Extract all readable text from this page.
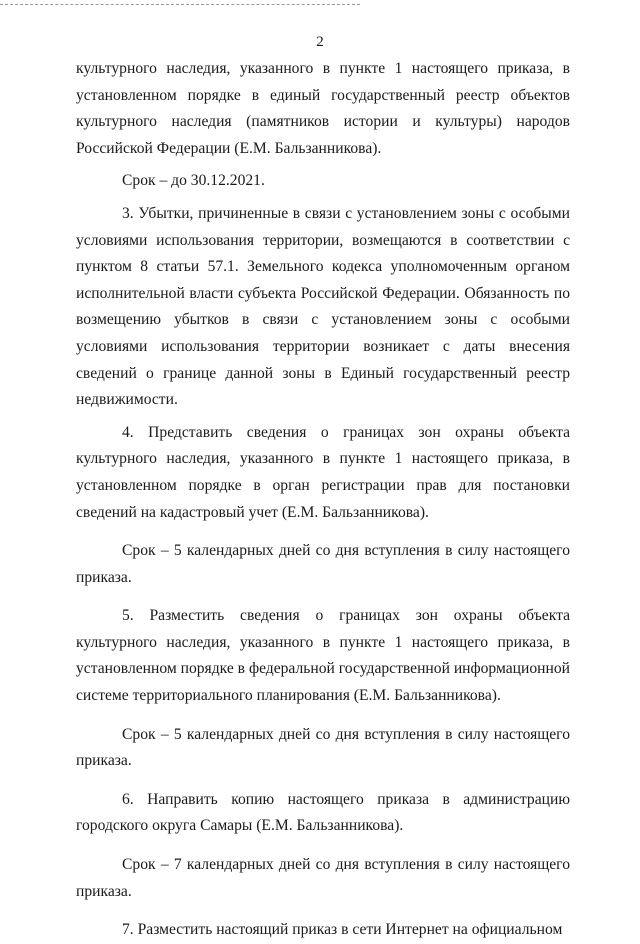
2

культурного наследия, указанного в пункте 1 настоящего приказа, в установленном порядке в единый государственный реестр объектов культурного наследия (памятников истории и культуры) народов Российской Федерации (Е.М. Бальзанникова).

Срок – до 30.12.2021.

3. Убытки, причиненные в связи с установлением зоны с особыми условиями использования территории, возмещаются в соответствии с пунктом 8 статьи 57.1. Земельного кодекса уполномоченным органом исполнительной власти субъекта Российской Федерации. Обязанность по возмещению убытков в связи с установлением зоны с особыми условиями использования территории возникает с даты внесения сведений о границе данной зоны в Единый государственный реестр недвижимости.

4. Представить сведения о границах зон охраны объекта культурного наследия, указанного в пункте 1 настоящего приказа, в установленном порядке в орган регистрации прав для постановки сведений на кадастровый учет (Е.М. Бальзанникова).

Срок – 5 календарных дней со дня вступления в силу настоящего приказа.

5. Разместить сведения о границах зон охраны объекта культурного наследия, указанного в пункте 1 настоящего приказа, в установленном порядке в федеральной государственной информационной системе территориального планирования (Е.М. Бальзанникова).

Срок – 5 календарных дней со дня вступления в силу настоящего приказа.

6. Направить копию настоящего приказа в администрацию городского округа Самары (Е.М. Бальзанникова).

Срок – 7 календарных дней со дня вступления в силу настоящего приказа.

7. Разместить настоящий приказ в сети Интернет на официальном
